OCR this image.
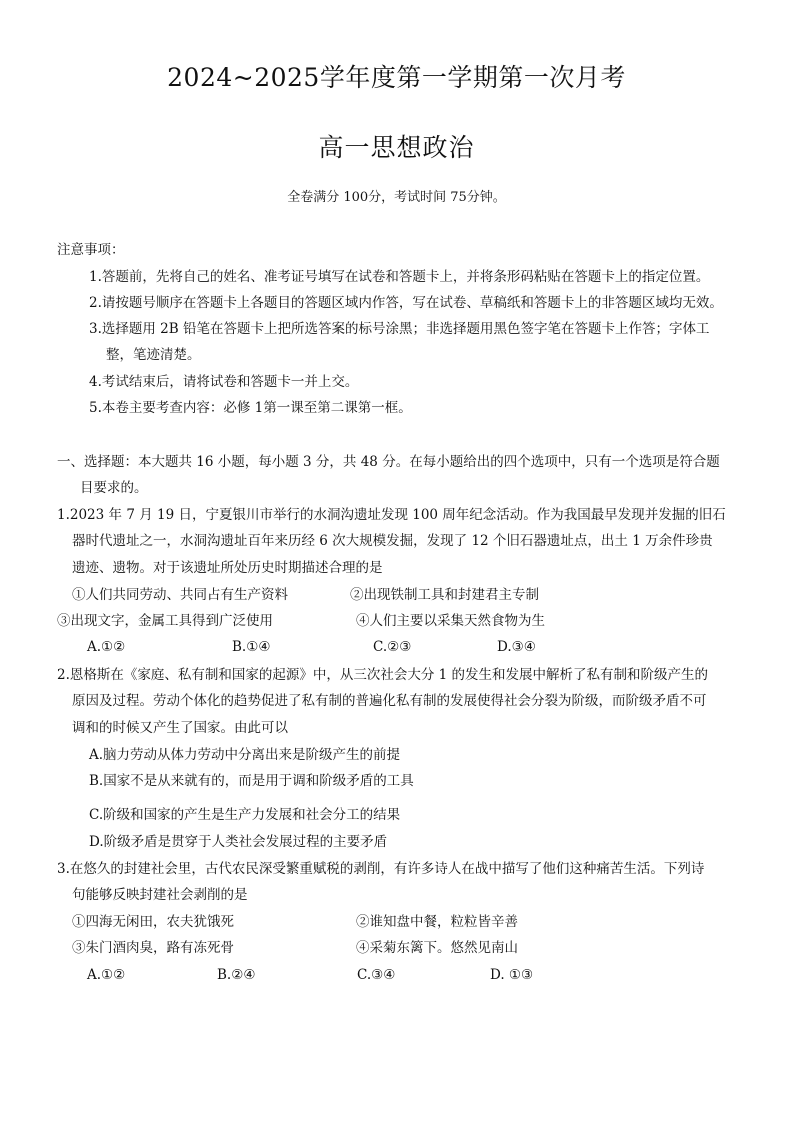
2024~2025学年度第一学期第一次月考
高一思想政治
全卷满分 100分，考试时间 75分钟。
注意事项：
1.答题前，先将自己的姓名、准考证号填写在试卷和答题卡上，并将条形码粘贴在答题卡上的指定位置。
2.请按题号顺序在答题卡上各题目的答题区域内作答，写在试卷、草稿纸和答题卡上的非答题区域均无效。
3.选择题用 2B 铅笔在答题卡上把所选答案的标号涂黑；非选择题用黑色签字笔在答题卡上作答；字体工
整，笔迹清楚。
4.考试结束后，请将试卷和答题卡一并上交。
5.本卷主要考查内容：必修 1第一课至第二课第一框。
一、选择题：本大题共 16 小题，每小题 3 分，共 48 分。在每小题给出的四个选项中，只有一个选项是符合题
目要求的。
1.2023 年 7 月 19 日，宁夏银川市举行的水洞沟遗址发现 100 周年纪念活动。作为我国最早发现并发掘的旧石
器时代遗址之一，水洞沟遗址百年来历经 6 次大规模发掘，发现了 12 个旧石器遗址点，出土 1 万余件珍贵
遗迹、遗物。对于该遗址所处历史时期描述合理的是
①人们共同劳动、共同占有生产资料	②出现铁制工具和封建君主专制
③出现文字，金属工具得到广泛使用	④人们主要以采集天然食物为生
A.①②	B.①④	C.②③	D.③④
2.恩格斯在《家庭、私有制和国家的起源》中，从三次社会大分 1 的发生和发展中解析了私有制和阶级产生的
原因及过程。劳动个体化的趋势促进了私有制的普遍化私有制的发展使得社会分裂为阶级，而阶级矛盾不可
调和的时候又产生了国家。由此可以
A.脑力劳动从体力劳动中分离出来是阶级产生的前提
B.国家不是从来就有的，而是用于调和阶级矛盾的工具
C.阶级和国家的产生是生产力发展和社会分工的结果
D.阶级矛盾是贯穿于人类社会发展过程的主要矛盾
3.在悠久的封建社会里，古代农民深受繁重赋税的剥削，有许多诗人在战中描写了他们这种痛苦生活。下列诗
句能够反映封建社会剥削的是
①四海无闲田，农夫犹饿死	②谁知盘中餐，粒粒皆辛善
③朱门酒肉臭，路有冻死骨	④采菊东篱下。悠然见南山
A.①②	B.②④	C.③④	D. ①③
